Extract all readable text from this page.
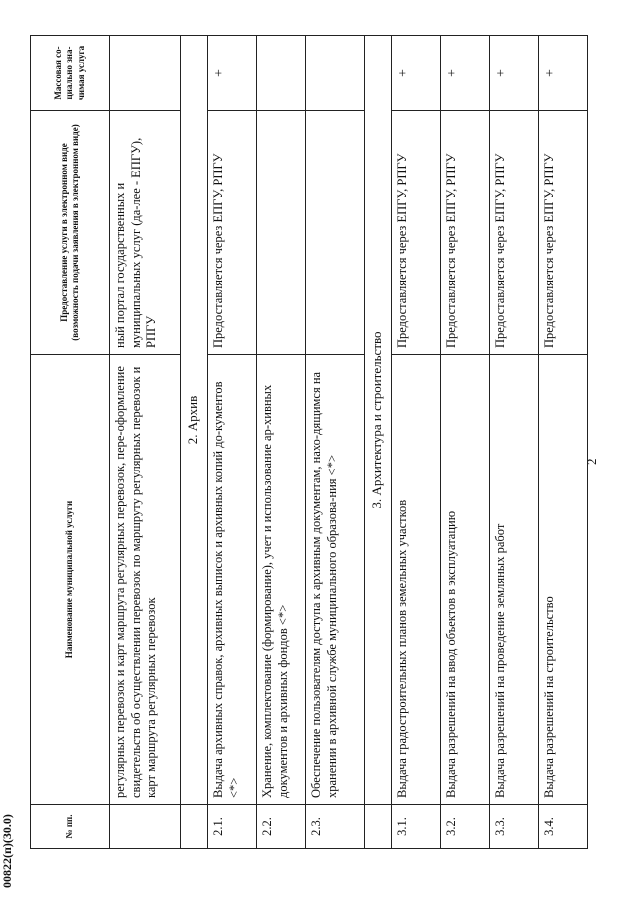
2
№ пп.	Наименование муниципальной услуги	Предоставление услуги в электронном виде (возможность подачи заявления в электронном виде)	Массовая со-циально зна-чимая услуга
	регулярных перевозок и карт маршрута регулярных перевозок, пере-оформление свидетельств об осуществлении перевозок по маршруту регулярных перевозок и карт маршрута регулярных перевозок	ный портал государственных и муниципальных услуг (да-лее - ЕПГУ), РПГУ	
	2. Архив		
2.1.	Выдача архивных справок, архивных выписок и архивных копий до-кументов <*>	Предоставляется через ЕПГУ, РПГУ	+
2.2.	Хранение, комплектование (формирование), учет и использование ар-хивных документов и архивных фондов <*>		
2.3.	Обеспечение пользователям доступа к архивным документам, нахо-дящимся на хранении в архивной службе муниципального образова-ния <*>		
	3. Архитектура и строительство		
3.1.	Выдача градостроительных планов земельных участков	Предоставляется через ЕПГУ, РПГУ	+
3.2.	Выдача разрешений на ввод объектов в эксплуатацию	Предоставляется через ЕПГУ, РПГУ	+
3.3.	Выдача разрешений на проведение земляных работ	Предоставляется через ЕПГУ, РПГУ	+
3.4.	Выдача разрешений на строительство	Предоставляется через ЕПГУ, РПГУ	+
00822(п)(30.0)
